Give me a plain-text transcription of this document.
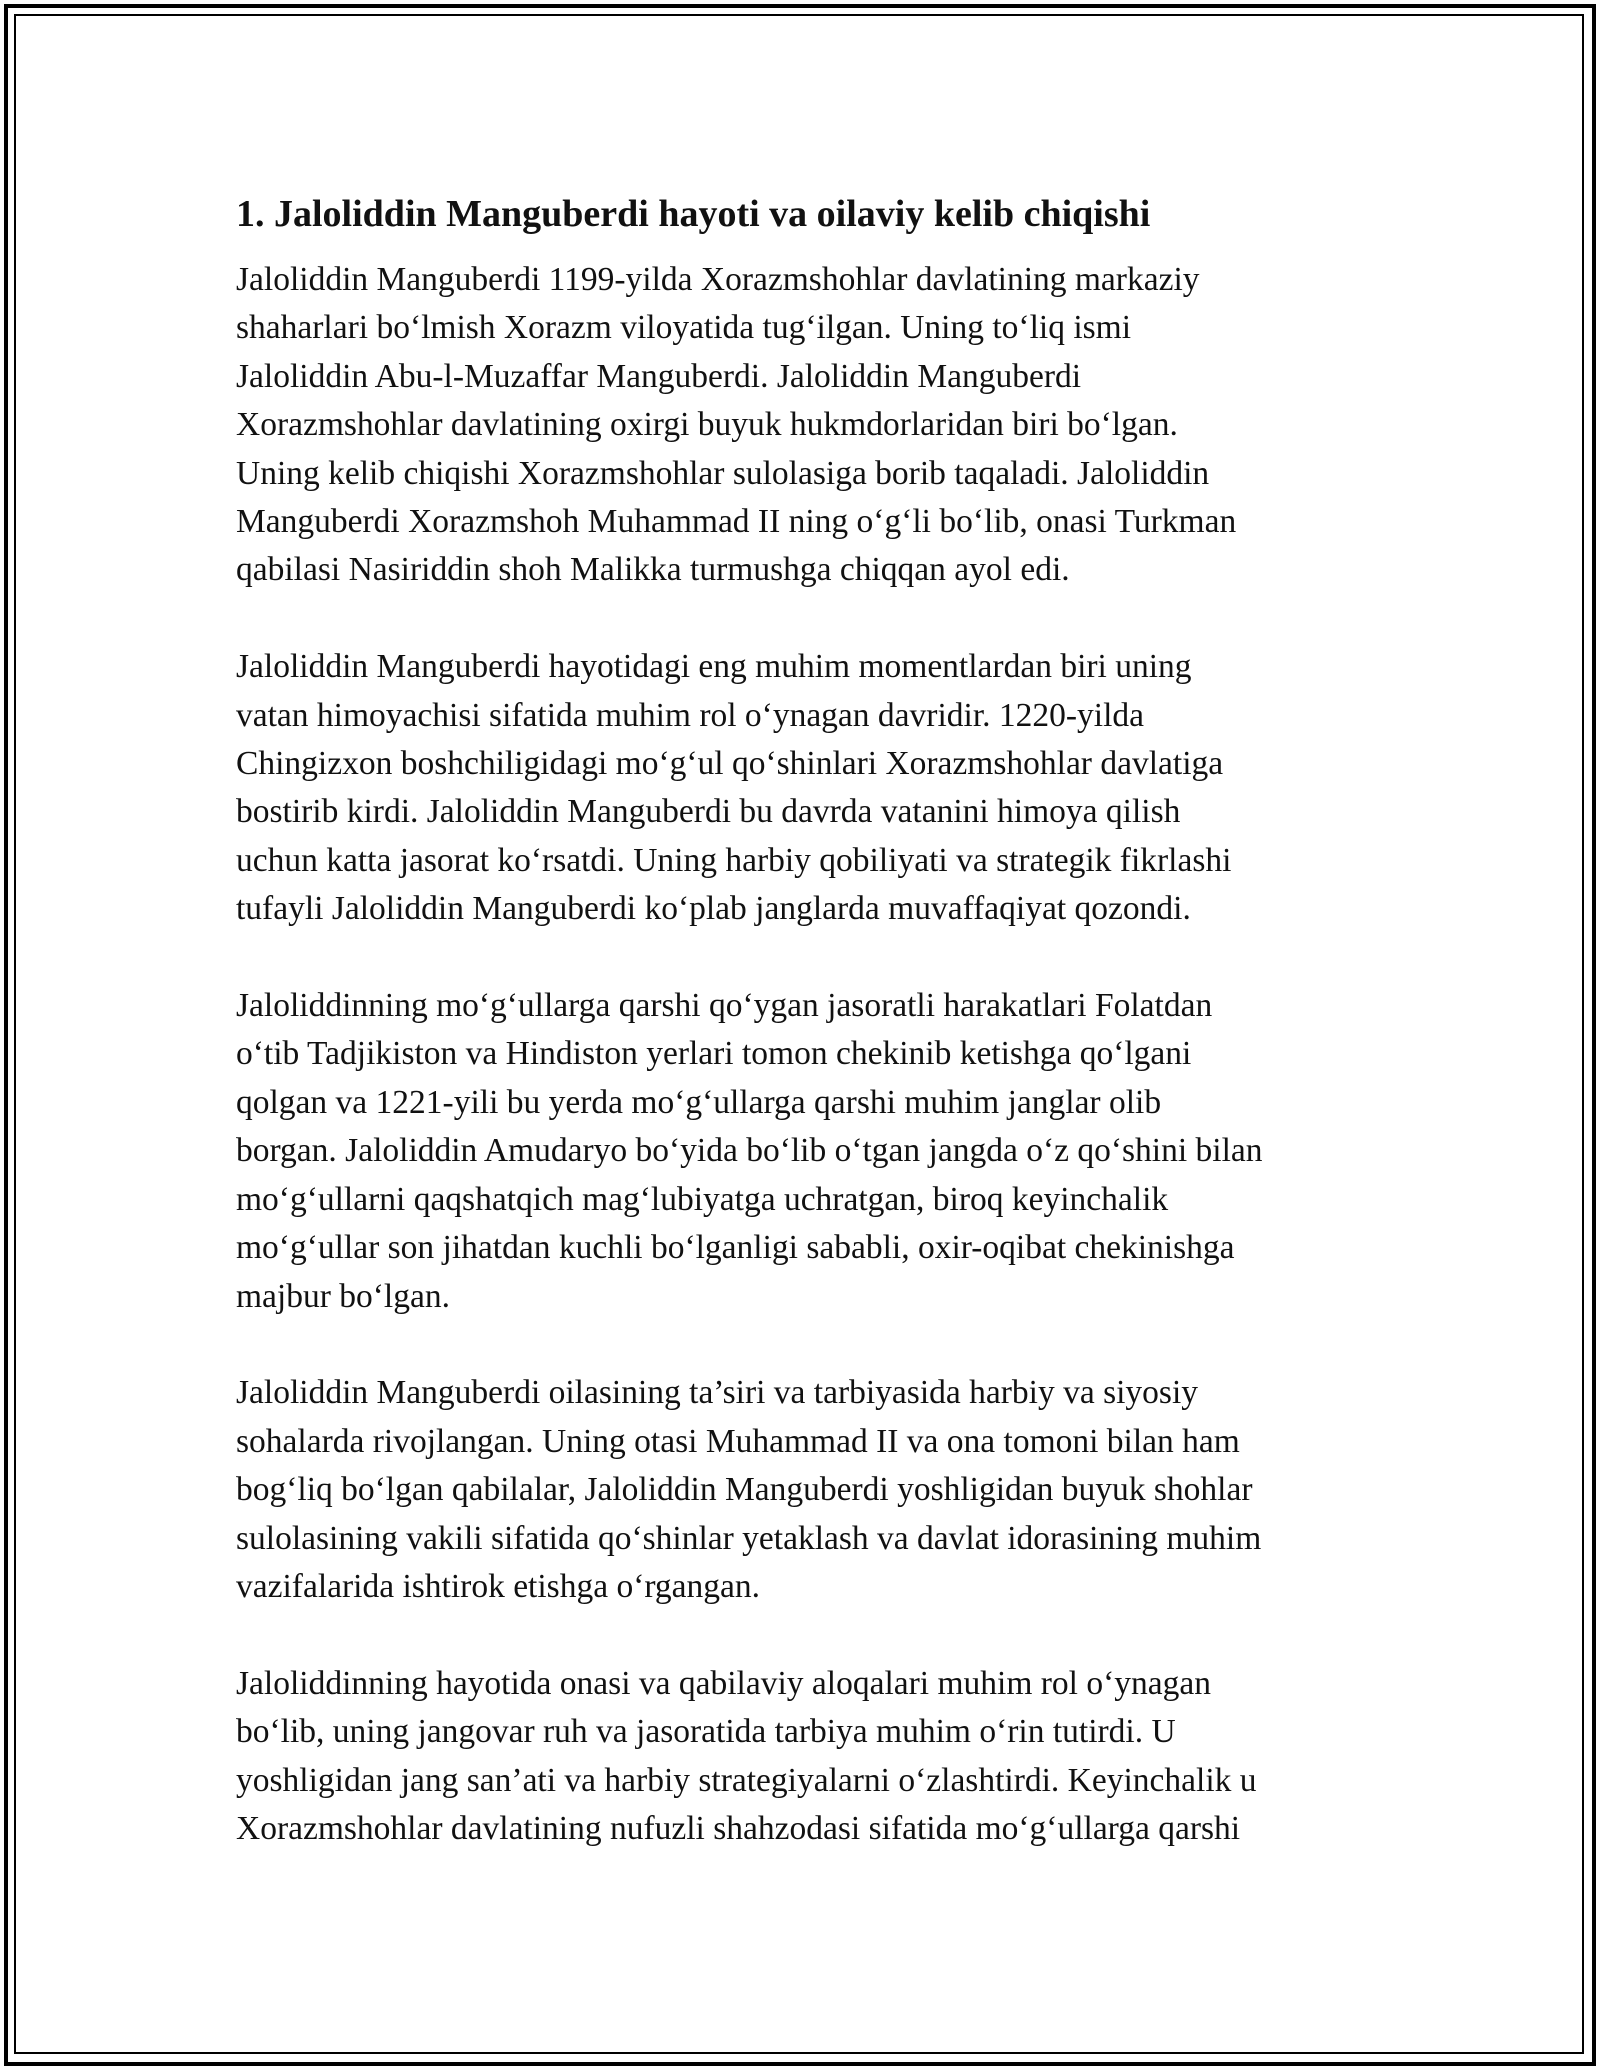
1. Jaloliddin Manguberdi hayoti va oilaviy kelib chiqishi

Jaloliddin Manguberdi 1199-yilda Xorazmshohlar davlatining markaziy
shaharlari bo‘lmish Xorazm viloyatida tug‘ilgan. Uning to‘liq ismi
Jaloliddin Abu-l-Muzaffar Manguberdi. Jaloliddin Manguberdi
Xorazmshohlar davlatining oxirgi buyuk hukmdorlaridan biri bo‘lgan.
Uning kelib chiqishi Xorazmshohlar sulolasiga borib taqaladi. Jaloliddin
Manguberdi Xorazmshoh Muhammad II ning o‘g‘li bo‘lib, onasi Turkman
qabilasi Nasiriddin shoh Malikka turmushga chiqqan ayol edi.

Jaloliddin Manguberdi hayotidagi eng muhim momentlardan biri uning
vatan himoyachisi sifatida muhim rol o‘ynagan davridir. 1220-yilda
Chingizxon boshchiligidagi mo‘g‘ul qo‘shinlari Xorazmshohlar davlatiga
bostirib kirdi. Jaloliddin Manguberdi bu davrda vatanini himoya qilish
uchun katta jasorat ko‘rsatdi. Uning harbiy qobiliyati va strategik fikrlashi
tufayli Jaloliddin Manguberdi ko‘plab janglarda muvaffaqiyat qozondi.

Jaloliddinning mo‘g‘ullarga qarshi qo‘ygan jasoratli harakatlari Folatdan
o‘tib Tadjikiston va Hindiston yerlari tomon chekinib ketishga qo‘lgani
qolgan va 1221-yili bu yerda mo‘g‘ullarga qarshi muhim janglar olib
borgan. Jaloliddin Amudaryo bo‘yida bo‘lib o‘tgan jangda o‘z qo‘shini bilan
mo‘g‘ullarni qaqshatqich mag‘lubiyatga uchratgan, biroq keyinchalik
mo‘g‘ullar son jihatdan kuchli bo‘lganligi sababli, oxir-oqibat chekinishga
majbur bo‘lgan.

Jaloliddin Manguberdi oilasining ta’siri va tarbiyasida harbiy va siyosiy
sohalarda rivojlangan. Uning otasi Muhammad II va ona tomoni bilan ham
bog‘liq bo‘lgan qabilalar, Jaloliddin Manguberdi yoshligidan buyuk shohlar
sulolasining vakili sifatida qo‘shinlar yetaklash va davlat idorasining muhim
vazifalarida ishtirok etishga o‘rgangan.

Jaloliddinning hayotida onasi va qabilaviy aloqalari muhim rol o‘ynagan
bo‘lib, uning jangovar ruh va jasoratida tarbiya muhim o‘rin tutirdi. U
yoshligidan jang san’ati va harbiy strategiyalarni o‘zlashtirdi. Keyinchalik u
Xorazmshohlar davlatining nufuzli shahzodasi sifatida mo‘g‘ullarga qarshi
